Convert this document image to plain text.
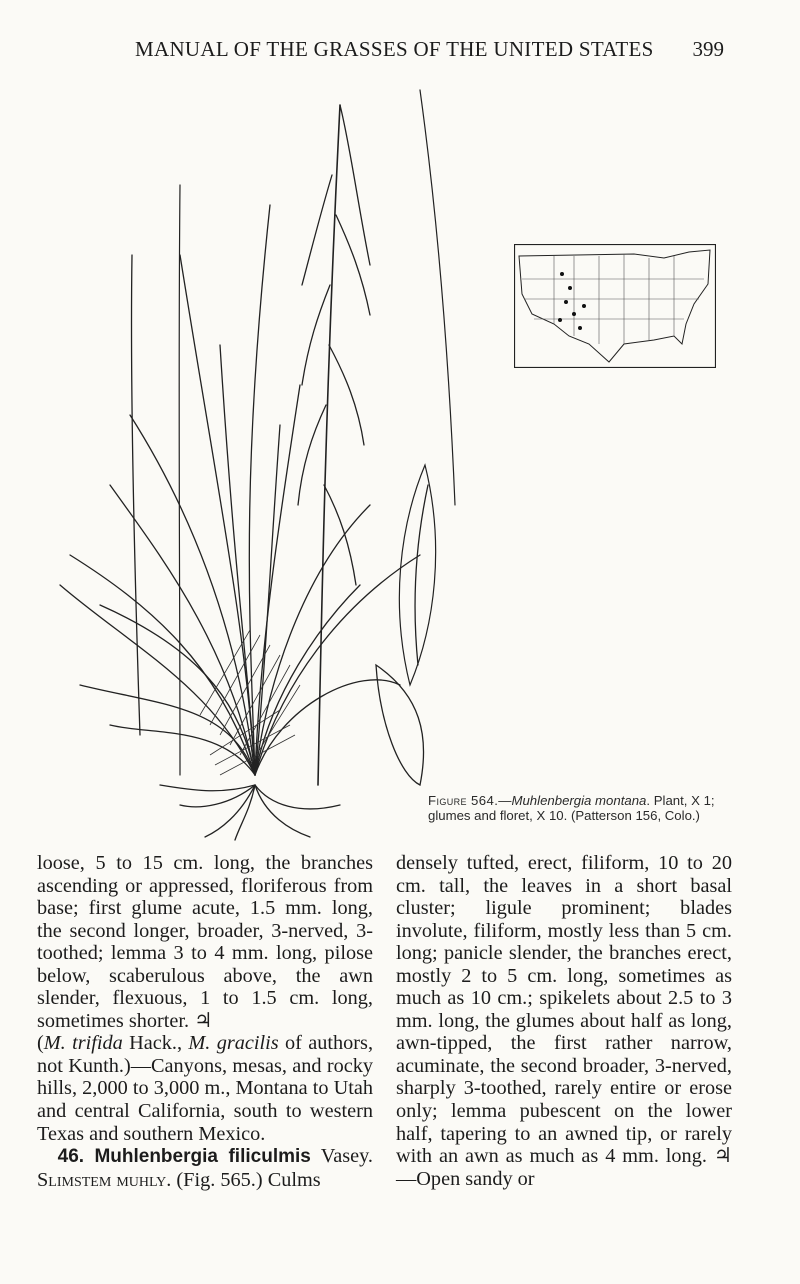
MANUAL OF THE GRASSES OF THE UNITED STATES 399
Figure 564.—Muhlenbergia montana. Plant, X 1; glumes and floret, X 10. (Patterson 156, Colo.)

loose, 5 to 15 cm. long, the branches ascending or appressed, floriferous from base; first glume acute, 1.5 mm. long, the second longer, broader, 3-nerved, 3-toothed; lemma 3 to 4 mm. long, pilose below, scaberulous above, the awn slender, flexuous, 1 to 1.5 cm. long, sometimes shorter. ♃

(M. trifida Hack., M. gracilis of authors, not Kunth.)—Canyons, mesas, and rocky hills, 2,000 to 3,000 m., Montana to Utah and central California, south to western Texas and southern Mexico.

46. Muhlenbergia filiculmis Vasey. Slimstem muhly. (Fig. 565.) Culms

densely tufted, erect, filiform, 10 to 20 cm. tall, the leaves in a short basal cluster; ligule prominent; blades involute, filiform, mostly less than 5 cm. long; panicle slender, the branches erect, mostly 2 to 5 cm. long, sometimes as much as 10 cm.; spikelets about 2.5 to 3 mm. long, the glumes about half as long, awn-tipped, the first rather narrow, acuminate, the second broader, 3-nerved, sharply 3-toothed, rarely entire or erose only; lemma pubescent on the lower half, tapering to an awned tip, or rarely with an awn as much as 4 mm. long. ♃ —Open sandy or
